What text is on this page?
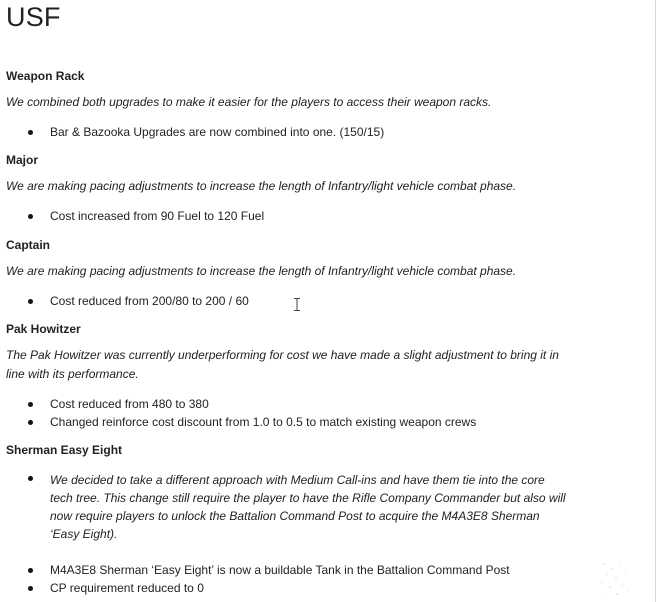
USF
Weapon Rack
We combined both upgrades to make it easier for the players to access their weapon racks.
Bar & Bazooka Upgrades are now combined into one. (150/15)
Major
We are making pacing adjustments to increase the length of Infantry/light vehicle combat phase.
Cost increased from 90 Fuel to 120 Fuel
Captain
We are making pacing adjustments to increase the length of Infantry/light vehicle combat phase.
Cost reduced from 200/80 to 200 / 60
Pak Howitzer
The Pak Howitzer was currently underperforming for cost we have made a slight adjustment to bring it in
line with its performance.
Cost reduced from 480 to 380
Changed reinforce cost discount from 1.0 to 0.5 to match existing weapon crews
Sherman Easy Eight
We decided to take a different approach with Medium Call-ins and have them tie into the core
tech tree. This change still require the player to have the Rifle Company Commander but also will
now require players to unlock the Battalion Command Post to acquire the M4A3E8 Sherman
‘Easy Eight).
M4A3E8 Sherman ‘Easy Eight’ is now a buildable Tank in the Battalion Command Post
CP requirement reduced to 0
